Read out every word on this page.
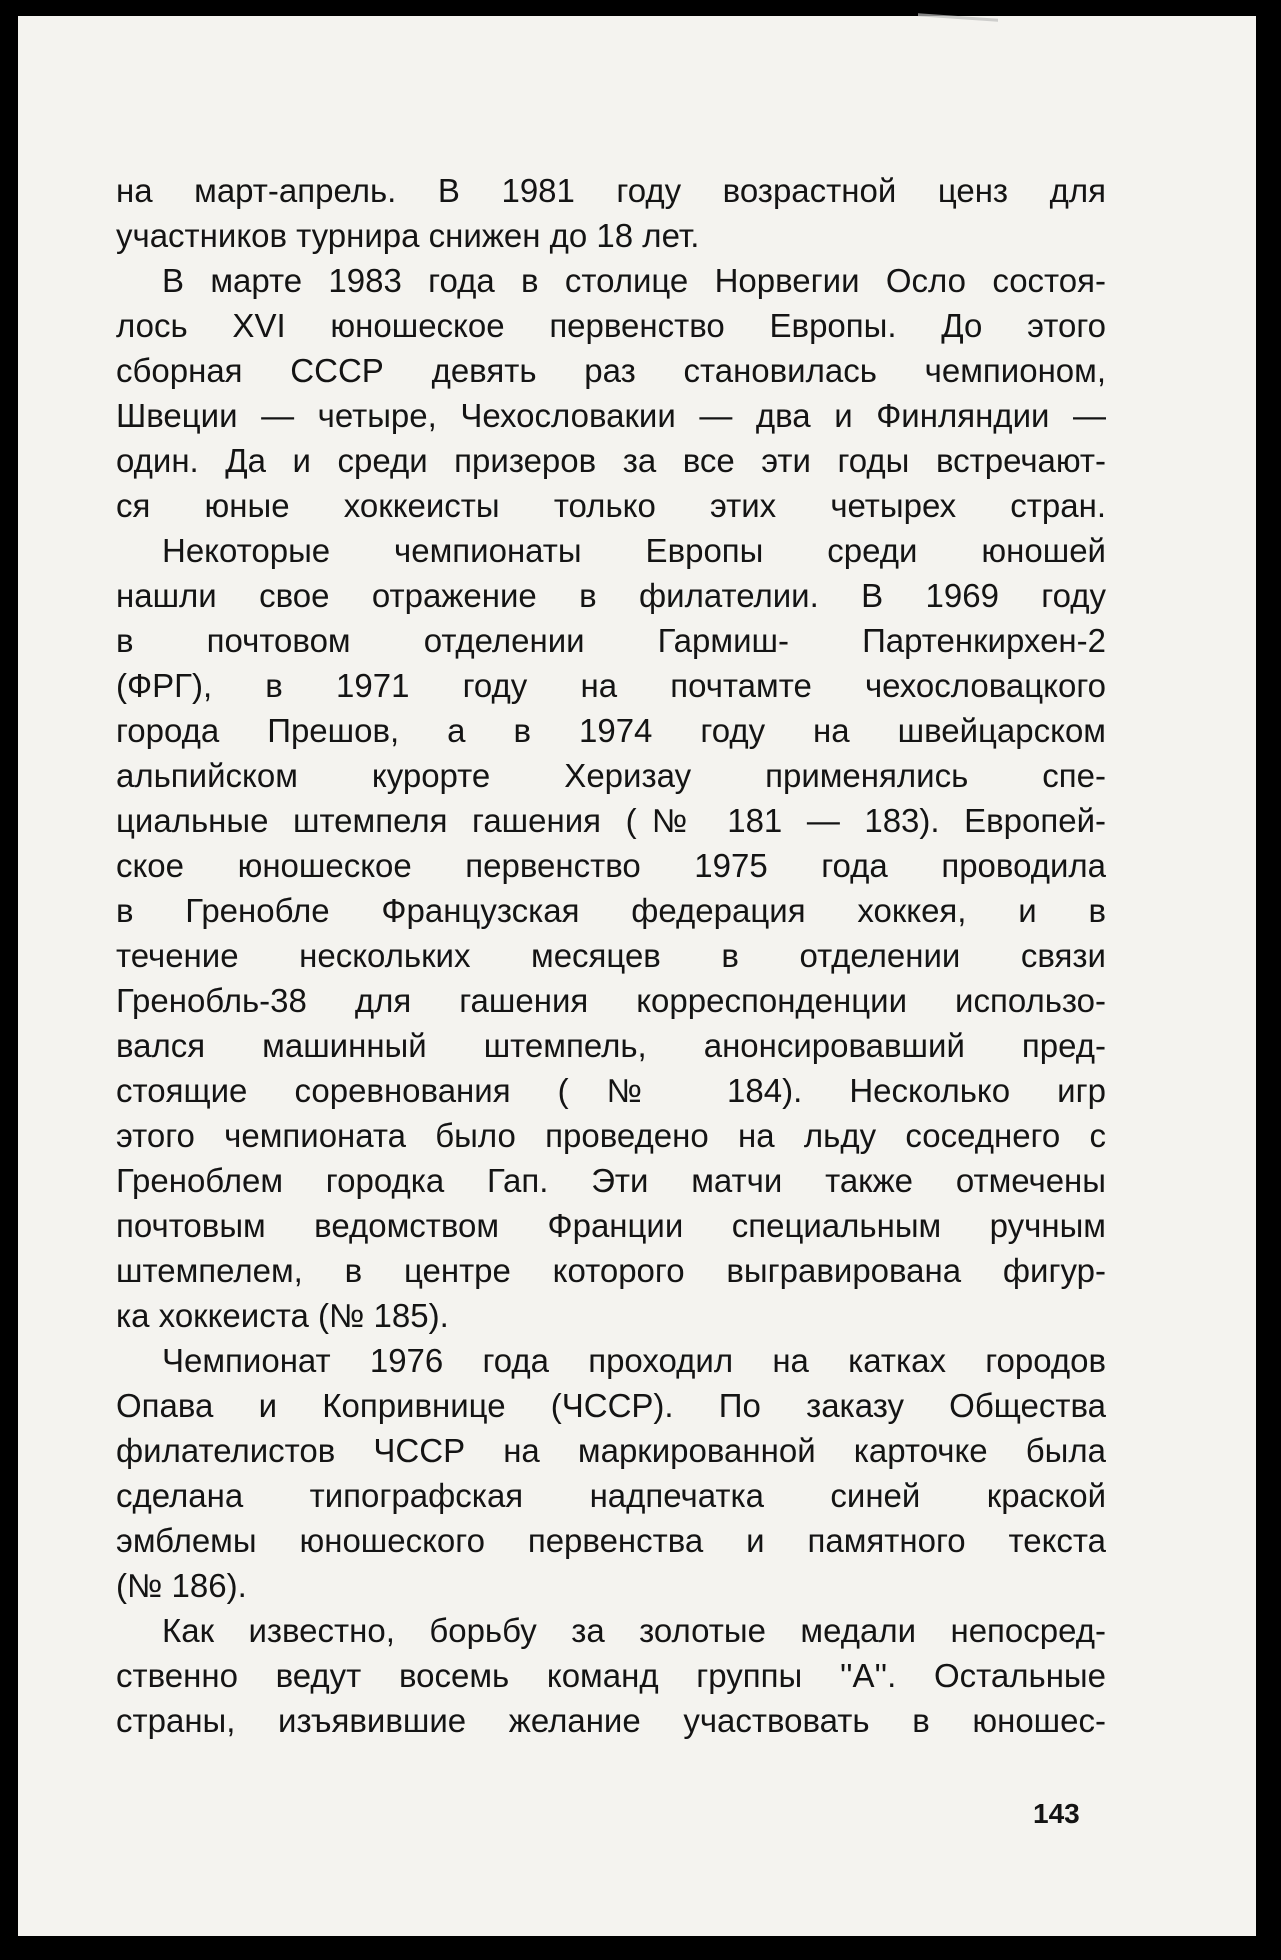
на март-апрель. В 1981 году возрастной ценз для
участников турнира снижен до 18 лет.
В марте 1983 года в столице Норвегии Осло состоя-
лось XVI юношеское первенство Европы. До этого
сборная СССР девять раз становилась чемпионом,
Швеции — четыре, Чехословакии — два и Финляндии —
один. Да и среди призеров за все эти годы встречают-
ся юные хоккеисты только этих четырех стран.
Некоторые чемпионаты Европы среди юношей
нашли свое отражение в филателии. В 1969 году
в почтовом отделении Гармиш- Партенкирхен-2
(ФРГ), в 1971 году на почтамте чехословацкого
города Прешов, а в 1974 году на швейцарском
альпийском курорте Херизау применялись спе-
циальные штемпеля гашения (№ 181 — 183). Европей-
ское юношеское первенство 1975 года проводила
в Гренобле Французская федерация хоккея, и в
течение нескольких месяцев в отделении связи
Гренобль-38 для гашения корреспонденции использо-
вался машинный штемпель, анонсировавший пред-
стоящие соревнования (№ 184). Несколько игр
этого чемпионата было проведено на льду соседнего с
Греноблем городка Гап. Эти матчи также отмечены
почтовым ведомством Франции специальным ручным
штемпелем, в центре которого выгравирована фигур-
ка хоккеиста (№ 185).
Чемпионат 1976 года проходил на катках городов
Опава и Копривнице (ЧССР). По заказу Общества
филателистов ЧССР на маркированной карточке была
сделана типографская надпечатка синей краской
эмблемы юношеского первенства и памятного текста
(№ 186).
Как известно, борьбу за золотые медали непосред-
ственно ведут восемь команд группы ''А''. Остальные
страны, изъявившие желание участвовать в юношес-
143
